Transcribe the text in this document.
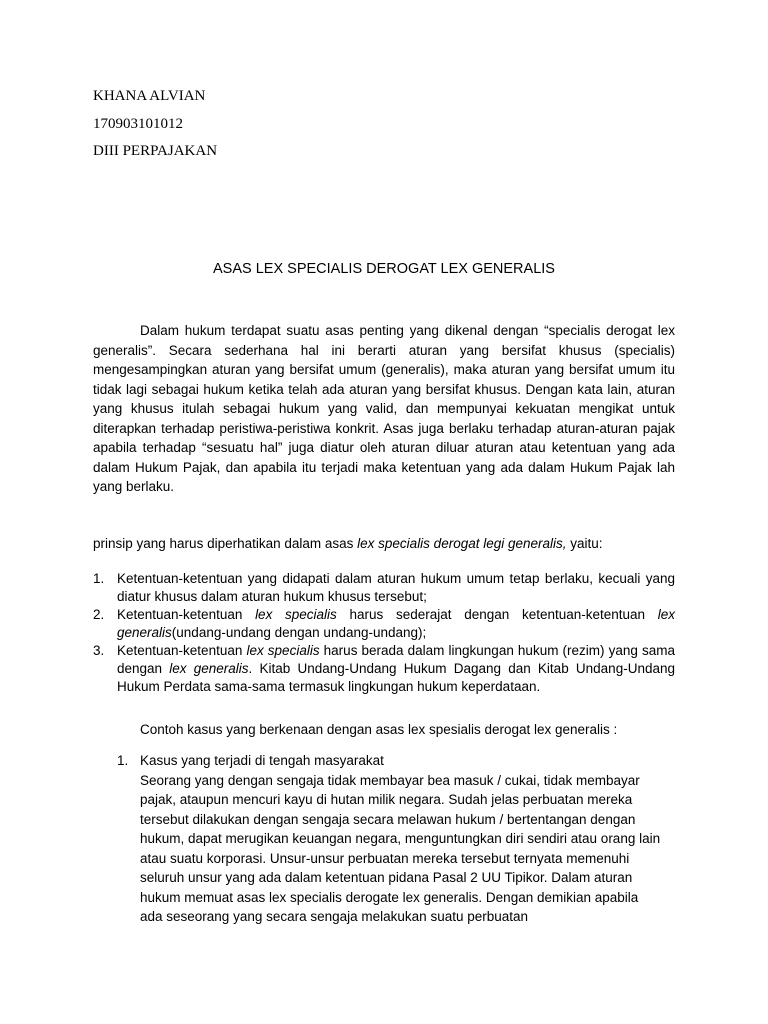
KHANA ALVIAN

170903101012

DIII PERPAJAKAN

ASAS LEX SPECIALIS DEROGAT LEX GENERALIS

Dalam hukum terdapat suatu asas penting yang dikenal dengan “specialis derogat lex generalis”. Secara sederhana hal ini berarti aturan yang bersifat khusus (specialis) mengesampingkan aturan yang bersifat umum (generalis), maka aturan yang bersifat umum itu tidak lagi sebagai hukum ketika telah ada aturan yang bersifat khusus. Dengan kata lain, aturan yang khusus itulah sebagai hukum yang valid, dan mempunyai kekuatan mengikat untuk diterapkan terhadap peristiwa-peristiwa konkrit. Asas juga berlaku terhadap aturan-aturan pajak apabila terhadap “sesuatu hal” juga diatur oleh aturan diluar aturan atau ketentuan yang ada dalam Hukum Pajak, dan apabila itu terjadi maka ketentuan yang ada dalam Hukum Pajak lah yang berlaku.

prinsip yang harus diperhatikan dalam asas lex specialis derogat legi generalis, yaitu:

1. Ketentuan-ketentuan yang didapati dalam aturan hukum umum tetap berlaku, kecuali yang diatur khusus dalam aturan hukum khusus tersebut;
2. Ketentuan-ketentuan lex specialis harus sederajat dengan ketentuan-ketentuan lex generalis(undang-undang dengan undang-undang);
3. Ketentuan-ketentuan lex specialis harus berada dalam lingkungan hukum (rezim) yang sama dengan lex generalis. Kitab Undang-Undang Hukum Dagang dan Kitab Undang-Undang Hukum Perdata sama-sama termasuk lingkungan hukum keperdataan.

Contoh kasus yang berkenaan dengan asas lex spesialis derogat lex generalis :

1. Kasus yang terjadi di tengah masyarakat
Seorang yang dengan sengaja tidak membayar bea masuk / cukai, tidak membayar pajak, ataupun mencuri kayu di hutan milik negara. Sudah jelas perbuatan mereka tersebut dilakukan dengan sengaja secara melawan hukum / bertentangan dengan hukum, dapat merugikan keuangan negara, menguntungkan diri sendiri atau orang lain atau suatu korporasi. Unsur-unsur perbuatan mereka tersebut ternyata memenuhi seluruh unsur yang ada dalam ketentuan pidana Pasal 2 UU Tipikor. Dalam aturan hukum memuat asas lex specialis derogate lex generalis. Dengan demikian apabila ada seseorang yang secara sengaja melakukan suatu perbuatan
